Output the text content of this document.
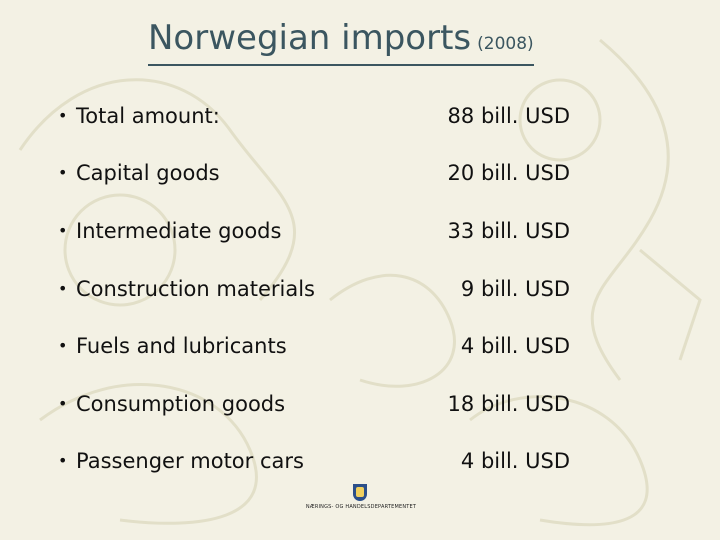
Norwegian imports (2008)
• Total amount:	88 bill. USD
• Capital goods	20 bill. USD
• Intermediate goods	33 bill. USD
• Construction materials	9 bill. USD
• Fuels and lubricants	4 bill. USD
• Consumption goods	18 bill. USD
• Passenger motor cars	4 bill. USD
NÆRINGS- OG HANDELSDEPARTEMENTET
